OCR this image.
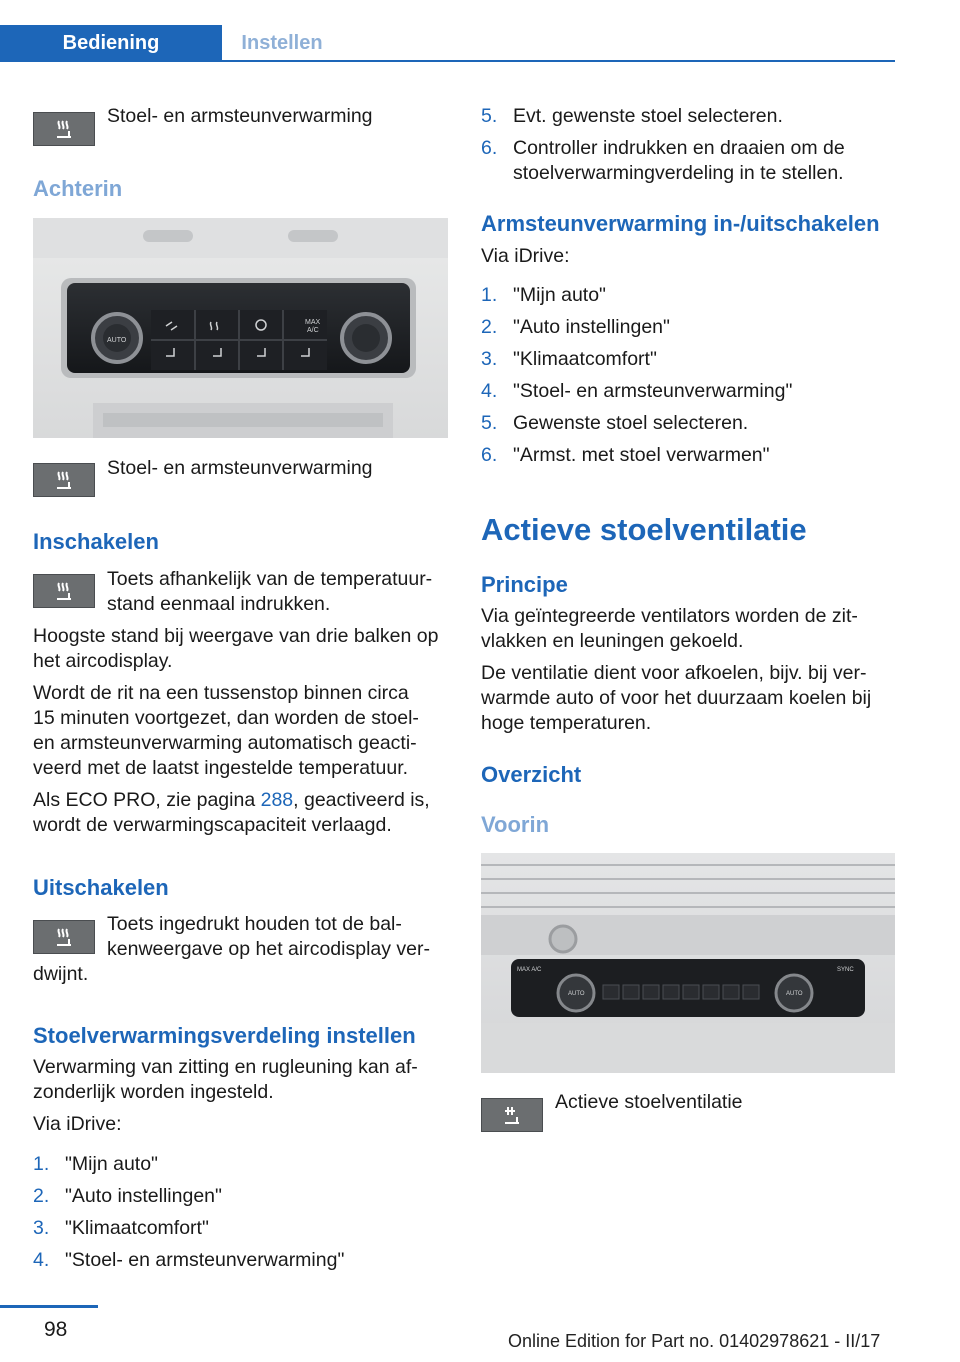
Bediening	Instellen
Stoel- en armsteunverwarming
Achterin
MAX
A/C
AUTO
Stoel- en armsteunverwarming
Inschakelen
Toets afhankelijk van de temperatuur-
stand eenmaal indrukken.
Hoogste stand bij weergave van drie balken op
het aircodisplay.
Wordt de rit na een tussenstop binnen circa
15 minuten voortgezet, dan worden de stoel-
en armsteunverwarming automatisch geacti-
veerd met de laatst ingestelde temperatuur.
Als ECO PRO, zie pagina 288, geactiveerd is,
wordt de verwarmingscapaciteit verlaagd.
Uitschakelen
Toets ingedrukt houden tot de bal-
kenweergave op het aircodisplay ver-
dwijnt.
Stoelverwarmingsverdeling instellen
Verwarming van zitting en rugleuning kan af-
zonderlijk worden ingesteld.
Via iDrive:
1. "Mijn auto"
2. "Auto instellingen"
3. "Klimaatcomfort"
4. "Stoel- en armsteunverwarming"
5. Evt. gewenste stoel selecteren.
6. Controller indrukken en draaien om de
stoelverwarmingverdeling in te stellen.
Armsteunverwarming in-/uitschakelen
Via iDrive:
1. "Mijn auto"
2. "Auto instellingen"
3. "Klimaatcomfort"
4. "Stoel- en armsteunverwarming"
5. Gewenste stoel selecteren.
6. "Armst. met stoel verwarmen"
Actieve stoelventilatie
Principe
Via geïntegreerde ventilators worden de zit-
vlakken en leuningen gekoeld.
De ventilatie dient voor afkoelen, bijv. bij ver-
warmde auto of voor het duurzaam koelen bij
hoge temperaturen.
Overzicht
Voorin
MAX A/C	SYNC
AUTO	AUTO
Actieve stoelventilatie
98	Online Edition for Part no. 01402978621 - II/17
